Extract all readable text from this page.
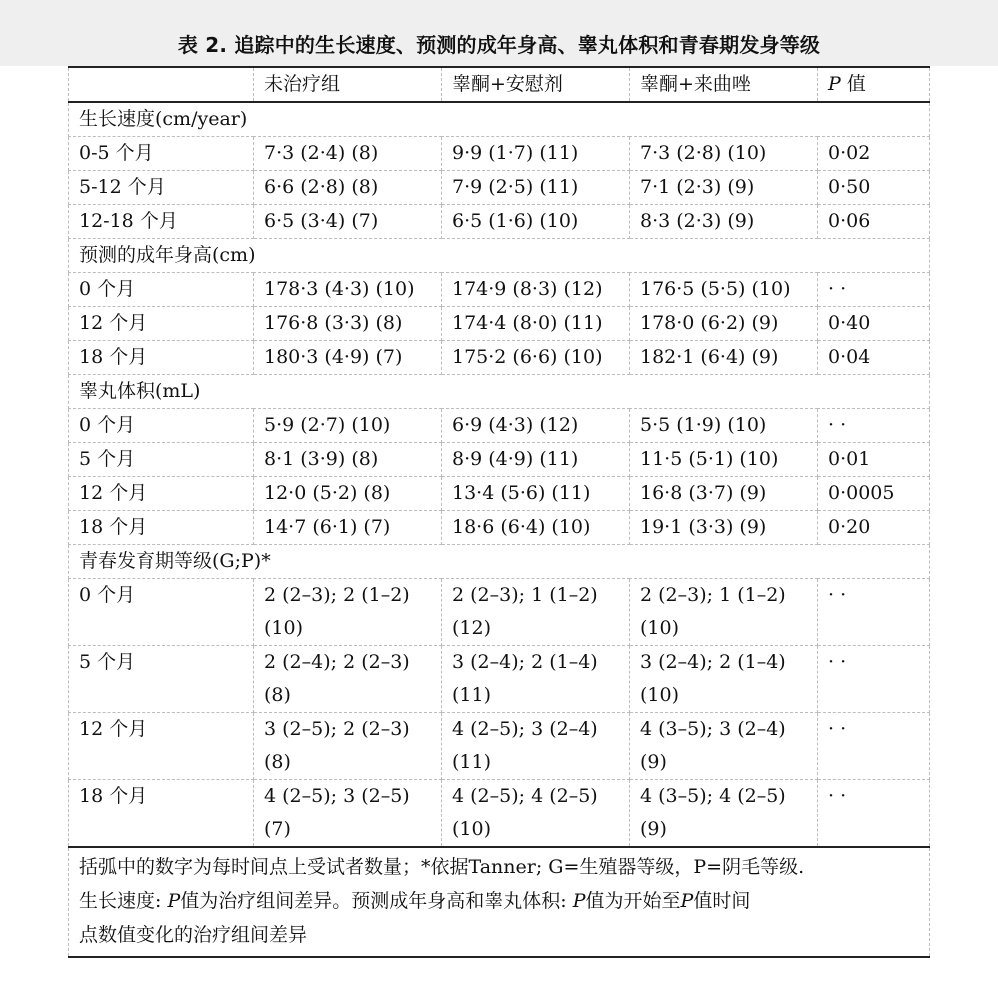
表 2. 追踪中的生长速度、预测的成年身高、睾丸体积和青春期发身等级
	未治疗组	睾酮+安慰剂	睾酮+来曲唑	P 值
生长速度(cm/year)				
0-5 个月	7·3 (2·4) (8)	9·9 (1·7) (11)	7·3 (2·8) (10)	0·02
5-12 个月	6·6 (2·8) (8)	7·9 (2·5) (11)	7·1 (2·3) (9)	0·50
12-18 个月	6·5 (3·4) (7)	6·5 (1·6) (10)	8·3 (2·3) (9)	0·06
预测的成年身高(cm)				
0 个月	178·3 (4·3) (10)	174·9 (8·3) (12)	176·5 (5·5) (10)	· ·
12 个月	176·8 (3·3) (8)	174·4 (8·0) (11)	178·0 (6·2) (9)	0·40
18 个月	180·3 (4·9) (7)	175·2 (6·6) (10)	182·1 (6·4) (9)	0·04
睾丸体积(mL)				
0 个月	5·9 (2·7) (10)	6·9 (4·3) (12)	5·5 (1·9) (10)	· ·
5 个月	8·1 (3·9) (8)	8·9 (4·9) (11)	11·5 (5·1) (10)	0·01
12 个月	12·0 (5·2) (8)	13·4 (5·6) (11)	16·8 (3·7) (9)	0·0005
18 个月	14·7 (6·1) (7)	18·6 (6·4) (10)	19·1 (3·3) (9)	0·20
青春发育期等级(G;P)*				
0 个月	2 (2–3); 2 (1–2) (10)	2 (2–3); 1 (1–2) (12)	2 (2–3); 1 (1–2) (10)	· ·
5 个月	2 (2–4); 2 (2–3) (8)	3 (2–4); 2 (1–4) (11)	3 (2–4); 2 (1–4) (10)	· ·
12 个月	3 (2–5); 2 (2–3) (8)	4 (2–5); 3 (2–4) (11)	4 (3–5); 3 (2–4) (9)	· ·
18 个月	4 (2–5); 3 (2–5) (7)	4 (2–5); 4 (2–5) (10)	4 (3–5); 4 (2–5) (9)	· ·

括弧中的数字为每时间点上受试者数量；*依据Tanner; G=生殖器等级，P=阴毛等级.
生长速度: P值为治疗组间差异。预测成年身高和睾丸体积: P值为开始至P值时间
点数值变化的治疗组间差异				
